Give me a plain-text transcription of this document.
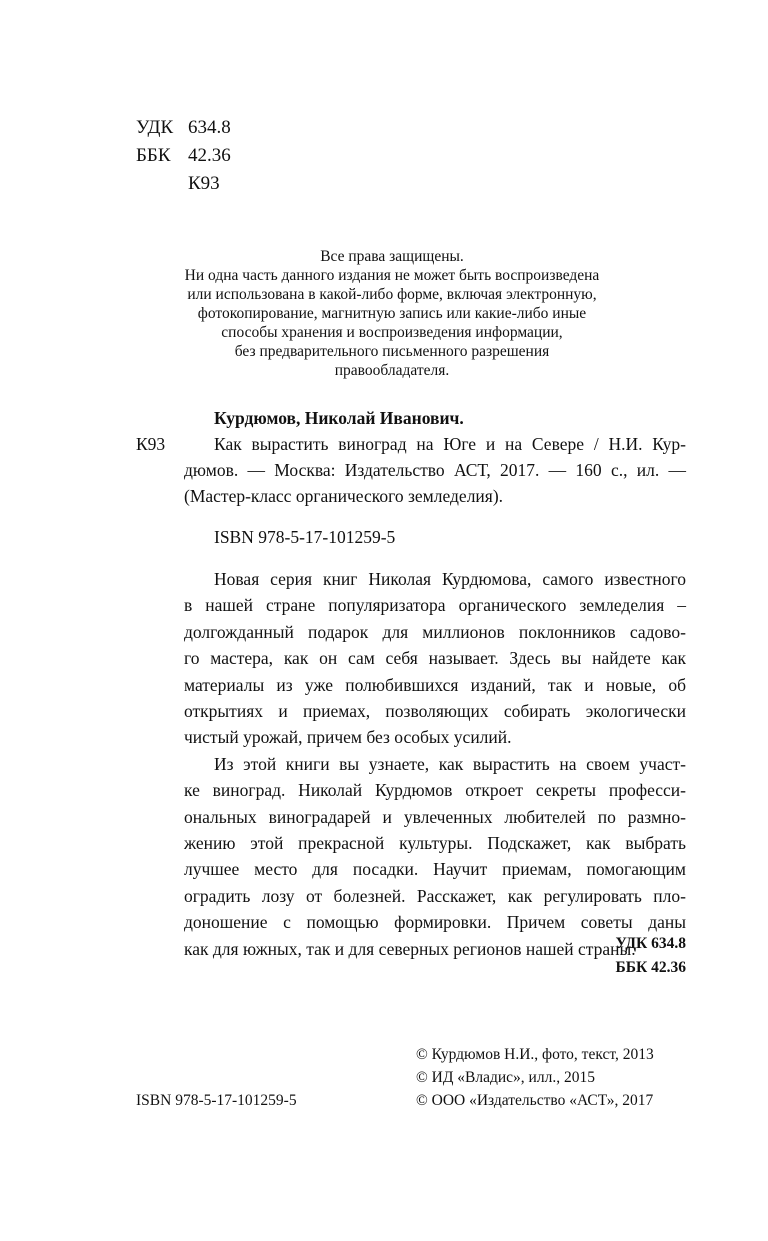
УДК 634.8
ББК 42.36
К93
Все права защищены.
Ни одна часть данного издания не может быть воспроизведена
или использована в какой-либо форме, включая электронную,
фотокопирование, магнитную запись или какие-либо иные
способы хранения и воспроизведения информации,
без предварительного письменного разрешения
правообладателя.
Курдюмов, Николай Иванович.
К93	Как вырастить виноград на Юге и на Севере / Н.И. Кур-
дюмов. — Москва: Издательство АСТ, 2017. — 160 с., ил. —
(Мастер-класс органического земледелия).
ISBN 978-5-17-101259-5
Новая серия книг Николая Курдюмова, самого известного
в нашей стране популяризатора органического земледелия –
долгожданный подарок для миллионов поклонников садово-
го мастера, как он сам себя называет. Здесь вы найдете как
материалы из уже полюбившихся изданий, так и новые, об
открытиях и приемах, позволяющих собирать экологически
чистый урожай, причем без особых усилий.
Из этой книги вы узнаете, как вырастить на своем участ-
ке виноград. Николай Курдюмов откроет секреты професси-
ональных виноградарей и увлеченных любителей по размно-
жению этой прекрасной культуры. Подскажет, как выбрать
лучшее место для посадки. Научит приемам, помогающим
оградить лозу от болезней. Расскажет, как регулировать пло-
доношение с помощью формировки. Причем советы даны
как для южных, так и для северных регионов нашей страны.
УДК 634.8
ББК 42.36
© Курдюмов Н.И., фото, текст, 2013
© ИД «Владис», илл., 2015
© ООО «Издательство «АСТ», 2017
ISBN 978-5-17-101259-5
